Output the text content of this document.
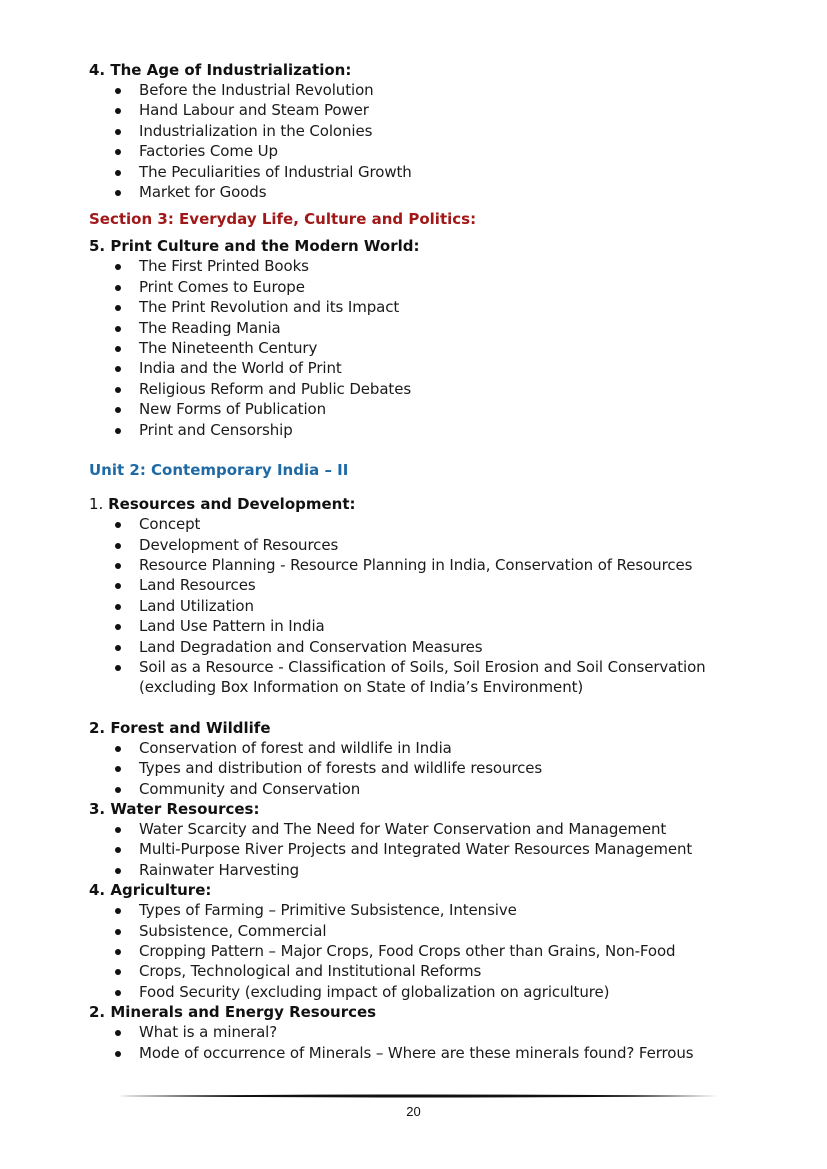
4. The Age of Industrialization:
Before the Industrial Revolution
Hand Labour and Steam Power
Industrialization in the Colonies
Factories Come Up
The Peculiarities of Industrial Growth
Market for Goods
Section 3: Everyday Life, Culture and Politics:
5. Print Culture and the Modern World:
The First Printed Books
Print Comes to Europe
The Print Revolution and its Impact
The Reading Mania
The Nineteenth Century
India and the World of Print
Religious Reform and Public Debates
New Forms of Publication
Print and Censorship
Unit 2: Contemporary India – II
1. Resources and Development:
Concept
Development of Resources
Resource Planning - Resource Planning in India, Conservation of Resources
Land Resources
Land Utilization
Land Use Pattern in India
Land Degradation and Conservation Measures
Soil as a Resource - Classification of Soils, Soil Erosion and Soil Conservation (excluding Box Information on State of India’s Environment)
2. Forest and Wildlife
Conservation of forest and wildlife in India
Types and distribution of forests and wildlife resources
Community and Conservation
3. Water Resources:
Water Scarcity and The Need for Water Conservation and Management
Multi-Purpose River Projects and Integrated Water Resources Management
Rainwater Harvesting
4. Agriculture:
Types of Farming – Primitive Subsistence, Intensive
Subsistence, Commercial
Cropping Pattern – Major Crops, Food Crops other than Grains, Non-Food
Crops, Technological and Institutional Reforms
Food Security (excluding impact of globalization on agriculture)
2. Minerals and Energy Resources
What is a mineral?
Mode of occurrence of Minerals – Where are these minerals found? Ferrous
20
